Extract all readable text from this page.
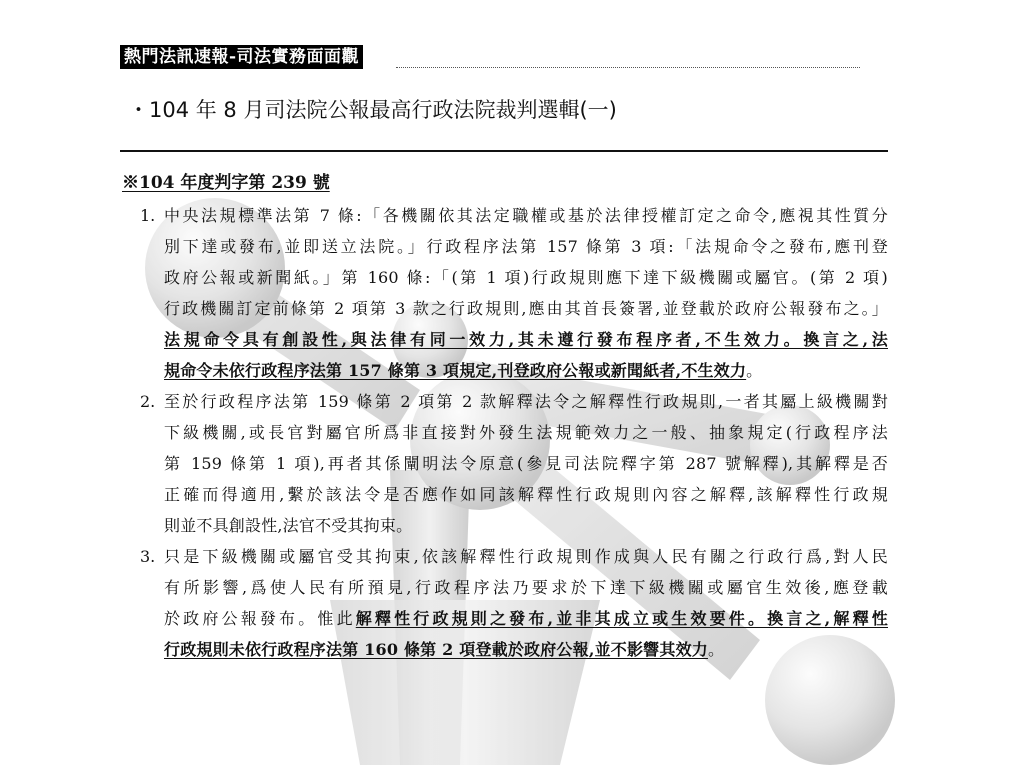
熱門法訊速報-司法實務面面觀
・104 年 8 月司法院公報最高行政法院裁判選輯(一)
※104 年度判字第 239 號
1. 中央法規標準法第 7 條:「各機關依其法定職權或基於法律授權訂定之命令,應視其性質分
別下達或發布,並即送立法院。」行政程序法第 157 條第 3 項:「法規命令之發布,應刊登
政府公報或新聞紙。」第 160 條:「(第 1 項)行政規則應下達下級機關或屬官。(第 2 項)
行政機關訂定前條第 2 項第 3 款之行政規則,應由其首長簽署,並登載於政府公報發布之。」
法規命令具有創設性,與法律有同一效力,其未遵行發布程序者,不生效力。換言之,法
規命令未依行政程序法第 157 條第 3 項規定,刊登政府公報或新聞紙者,不生效力。
2. 至於行政程序法第 159 條第 2 項第 2 款解釋法令之解釋性行政規則,一者其屬上級機關對
下級機關,或長官對屬官所爲非直接對外發生法規範效力之一般、抽象規定(行政程序法
第 159 條第 1 項),再者其係闡明法令原意(參見司法院釋字第 287 號解釋),其解釋是否
正確而得適用,繫於該法令是否應作如同該解釋性行政規則內容之解釋,該解釋性行政規
則並不具創設性,法官不受其拘束。
3. 只是下級機關或屬官受其拘束,依該解釋性行政規則作成與人民有關之行政行爲,對人民
有所影響,爲使人民有所預見,行政程序法乃要求於下達下級機關或屬官生效後,應登載
於政府公報發布。惟此解釋性行政規則之發布,並非其成立或生效要件。換言之,解釋性
行政規則未依行政程序法第 160 條第 2 項登載於政府公報,並不影響其效力。
